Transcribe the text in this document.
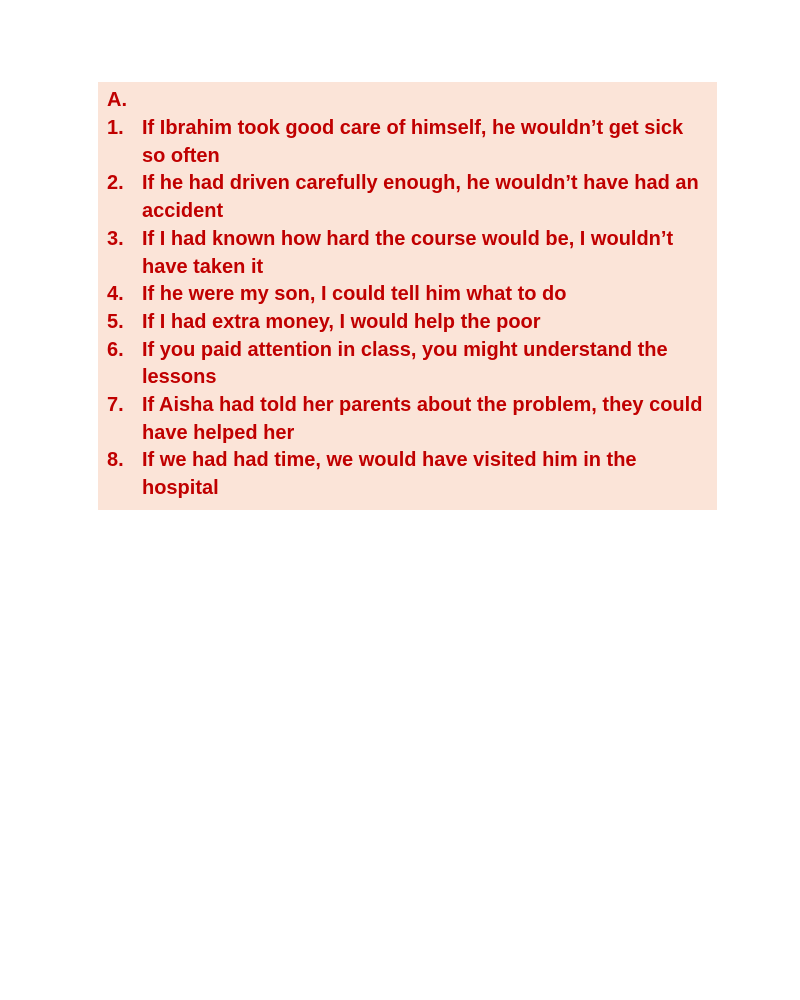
A.

1. If Ibrahim took good care of himself, he wouldn’t get sick so often
2. If he had driven carefully enough, he wouldn’t have had an accident
3. If I had known how hard the course would be, I wouldn’t have taken it
4. If he were my son, I could tell him what to do
5. If I had extra money, I would help the poor
6. If you paid attention in class, you might understand the lessons
7. If Aisha had told her parents about the problem, they could have helped her
8. If we had had time, we would have visited him in the hospital
